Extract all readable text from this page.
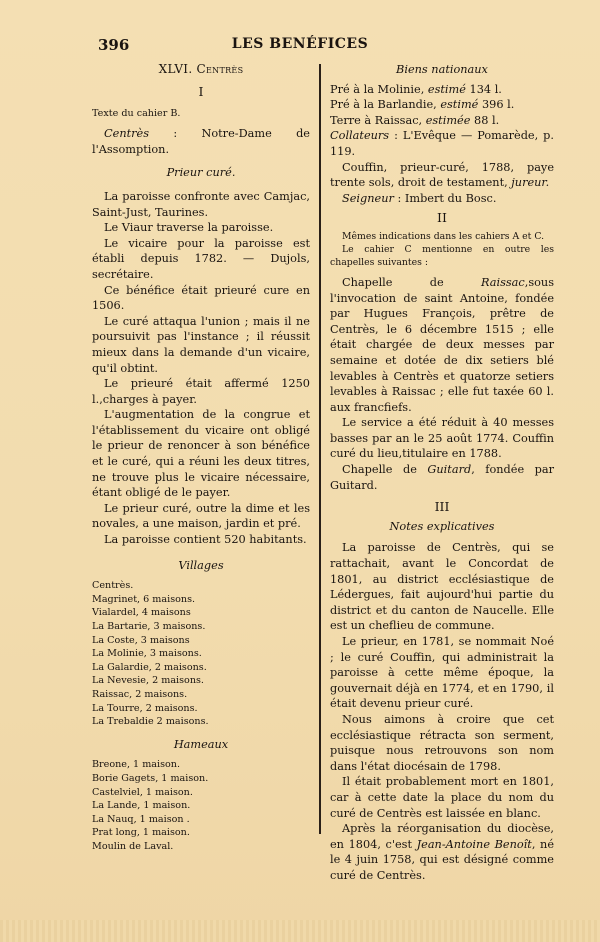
396	LES BENÉFICES
XLVI. Centrès
I
Texte du cahier B.

Centrès : Notre-Dame de l'Assomption.

Prieur curé.

La paroisse confronte avec Camjac, Saint-Just, Taurines.

Le Viaur traverse la paroisse.

Le vicaire pour la paroisse est établi depuis 1782. — Dujols, secrétaire.

Ce bénéfice était prieuré cure en 1506.

Le curé attaqua l'union ; mais il ne poursuivit pas l'instance ; il réussit mieux dans la demande d'un vicaire, qu'il obtint.

Le prieuré était affermé 1250 l.,charges à payer.

L'augmentation de la congrue et l'établissement du vicaire ont obligé le prieur de renoncer à son bénéfice et le curé, qui a réuni les deux titres, ne trouve plus le vicaire nécessaire, étant obligé de le payer.

Le prieur curé, outre la dime et les novales, a une maison, jardin et pré.

La paroisse contient 520 habitants.

Villages
Centrès.
Magrinet, 6 maisons.
Vialardel, 4 maisons
La Bartarie, 3 maisons.
La Coste, 3 maisons
La Molinie, 3 maisons.
La Galardie, 2 maisons.
La Nevesie, 2 maisons.
Raissac, 2 maisons.
La Tourre, 2 maisons.
La Trebaldie 2 maisons.
Hameaux
Breone, 1 maison.
Borie Gagets, 1 maison.
Castelviel, 1 maison.
La Lande, 1 maison.
La Nauq, 1 maison .
Prat long, 1 maison.
Moulin de Laval.
Biens nationaux

Pré à la Molinie, estimé 134 l.

Pré à la Barlandie, estimé 396 l.

Terre à Raissac, estimée 88 l.

Collateurs : L'Evêque — Pomarède, p. 119.

Couffin, prieur-curé, 1788, paye trente sols, droit de testament, jureur.

Seigneur : Imbert du Bosc.

II
Mêmes indications dans les cahiers A et C.
Le cahier C mentionne en outre les chapelles suivantes :

Chapelle de Raissac,sous l'invocation de saint Antoine, fondée par Hugues François, prêtre de Centrès, le 6 décembre 1515 ; elle était chargée de deux messes par semaine et dotée de dix setiers blé levables à Centrès et quatorze setiers levables à Raissac ; elle fut taxée 60 l. aux francfiefs.

Le service a été réduit à 40 messes basses par an le 25 août 1774. Couffin curé du lieu,titulaire en 1788.

Chapelle de Guitard, fondée par Guitard.

III
Notes explicatives

La paroisse de Centrès, qui se rattachait, avant le Concordat de 1801, au district ecclésiastique de Lédergues, fait aujourd'hui partie du district et du canton de Naucelle. Elle est un cheflieu de commune.

Le prieur, en 1781, se nommait Noé ; le curé Couffin, qui administrait la paroisse à cette même époque, la gouvernait déjà en 1774, et en 1790, il était devenu prieur curé.

Nous aimons à croire que cet ecclésiastique rétracta son serment, puisque nous retrouvons son nom dans l'état diocésain de 1798.

Il était probablement mort en 1801, car à cette date la place du nom du curé de Centrès est laissée en blanc.

Après la réorganisation du diocèse, en 1804, c'est Jean-Antoine Benoît, né le 4 juin 1758, qui est désigné comme curé de Centrès.
